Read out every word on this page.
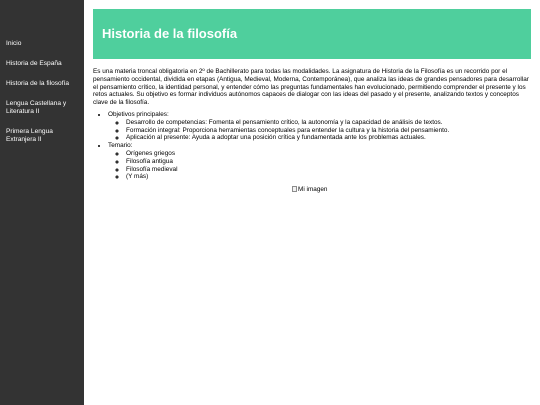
Inicio
Historia de España
Historia de la filosofía
Lengua Castellana y Literatura II
Primera Lengua Extranjera II
Historia de la filosofía

Es una materia troncal obligatoria en 2º de Bachillerato para todas las modalidades. La asignatura de Historia de la Filosofía es un recorrido por el pensamiento occidental, dividida en etapas (Antigua, Medieval, Moderna, Contemporánea), que analiza las ideas de grandes pensadores para desarrollar el pensamiento crítico, la identidad personal, y entender cómo las preguntas fundamentales han evolucionado, permitiendo comprender el presente y los retos actuales. Su objetivo es formar individuos autónomos capaces de dialogar con las ideas del pasado y el presente, analizando textos y conceptos clave de la filosofía.

• Objetivos principales:
◦ Desarrollo de competencias: Fomenta el pensamiento crítico, la autonomía y la capacidad de análisis de textos.
◦ Formación integral: Proporciona herramientas conceptuales para entender la cultura y la historia del pensamiento.
◦ Aplicación al presente: Ayuda a adoptar una posición crítica y fundamentada ante los problemas actuales.
• Temario:
◦ Orígenes griegos
◦ Filosofía antigua
◦ Filosofía medieval
◦ (Y más)
Mi imagen
